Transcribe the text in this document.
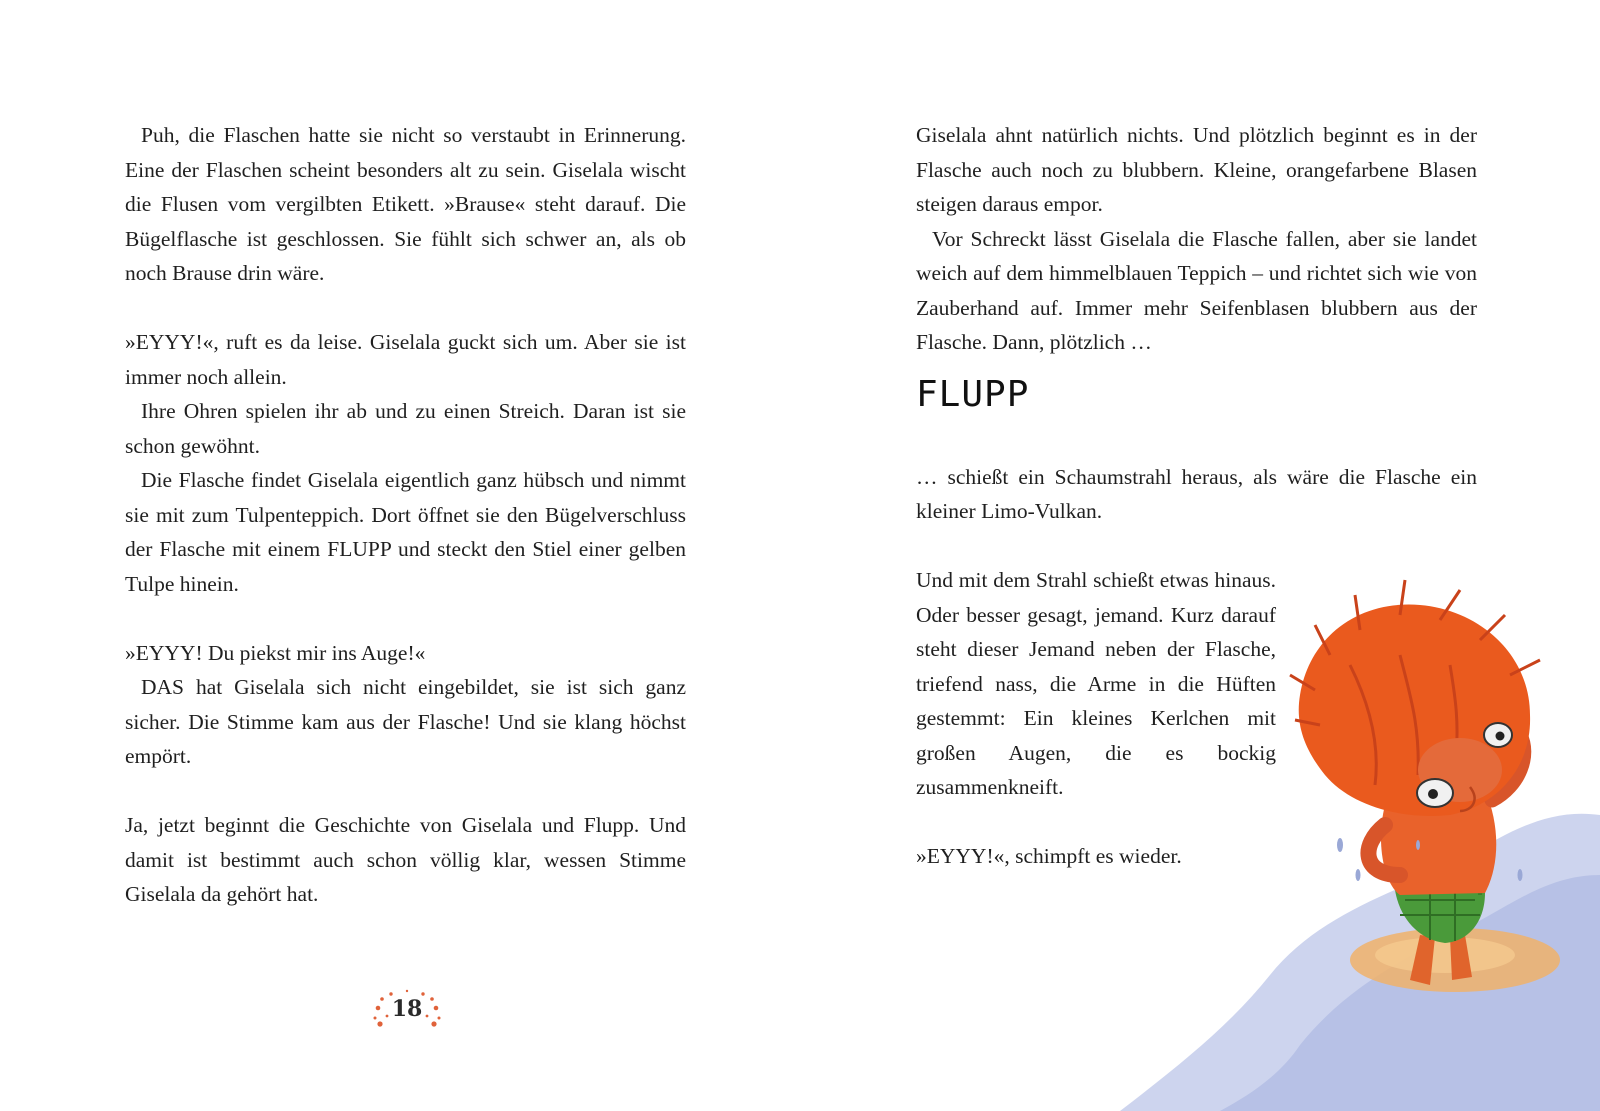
Puh, die Flaschen hatte sie nicht so verstaubt in Erinnerung. Eine der Flaschen scheint besonders alt zu sein. Giselala wischt die Flusen vom vergilbten Etikett. »Brause« steht darauf. Die Bügelflasche ist geschlossen. Sie fühlt sich schwer an, als ob noch Brause drin wäre.

»EYYY!«, ruft es da leise. Giselala guckt sich um. Aber sie ist immer noch allein.

Ihre Ohren spielen ihr ab und zu einen Streich. Daran ist sie schon gewöhnt.

Die Flasche findet Giselala eigentlich ganz hübsch und nimmt sie mit zum Tulpenteppich. Dort öffnet sie den Bügelverschluss der Flasche mit einem FLUPP und steckt den Stiel einer gelben Tulpe hinein.

»EYYY! Du piekst mir ins Auge!«

DAS hat Giselala sich nicht eingebildet, sie ist sich ganz sicher. Die Stimme kam aus der Flasche! Und sie klang höchst empört.

Ja, jetzt beginnt die Geschichte von Giselala und Flupp. Und damit ist bestimmt auch schon völlig klar, wessen Stimme Giselala da gehört hat.

18

Giselala ahnt natürlich nichts. Und plötzlich beginnt es in der Flasche auch noch zu blubbern. Kleine, orangefarbene Blasen steigen daraus empor.

Vor Schreckt lässt Giselala die Flasche fallen, aber sie landet weich auf dem himmelblauen Teppich – und richtet sich wie von Zauberhand auf. Immer mehr Seifenblasen blubbern aus der Flasche. Dann, plötzlich …

FLUPP

… schießt ein Schaumstrahl heraus, als wäre die Flasche ein kleiner Limo-Vulkan.

Und mit dem Strahl schießt etwas hinaus. Oder besser gesagt, jemand. Kurz darauf steht dieser Jemand neben der Flasche, triefend nass, die Arme in die Hüften gestemmt: Ein kleines Kerlchen mit großen Augen, die es bockig zusammenkneift.

»EYYY!«, schimpft es wieder.
